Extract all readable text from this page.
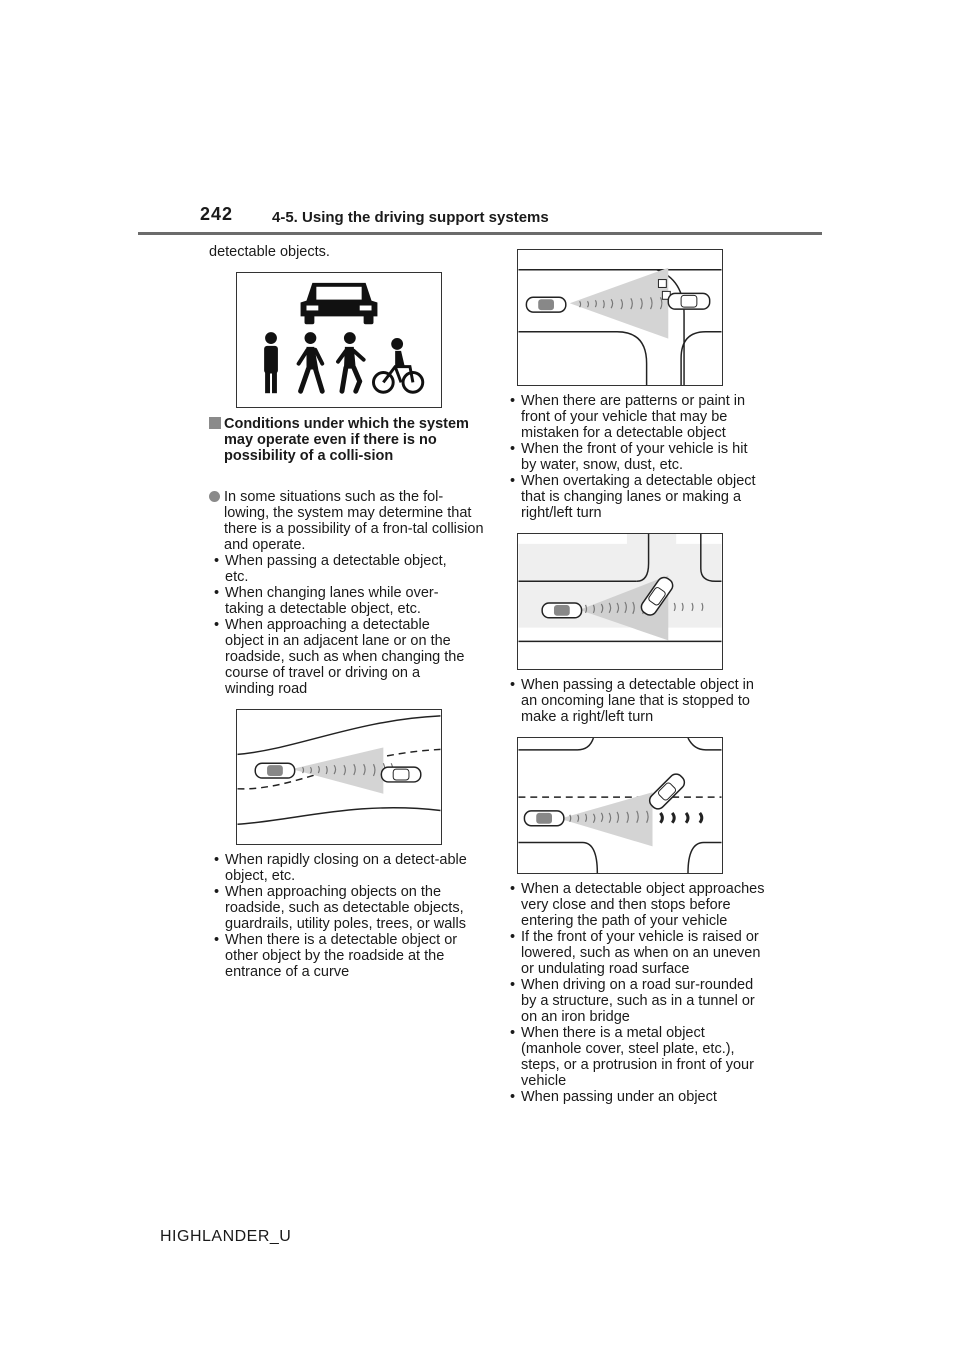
242	4-5. Using the driving support systems
detectable objects.
Conditions under which the system may operate even if there is no possibility of a colli-sion
In some situations such as the fol-lowing, the system may determine that there is a possibility of a fron-tal collision and operate.
• When passing a detectable object, etc.
• When changing lanes while over-taking a detectable object, etc.
• When approaching a detectable object in an adjacent lane or on the roadside, such as when changing the course of travel or driving on a winding road
• When rapidly closing on a detect-able object, etc.
• When approaching objects on the roadside, such as detectable objects, guardrails, utility poles, trees, or walls
• When there is a detectable object or other object by the roadside at the entrance of a curve
• When there are patterns or paint in front of your vehicle that may be mistaken for a detectable object
• When the front of your vehicle is hit by water, snow, dust, etc.
• When overtaking a detectable object that is changing lanes or making a right/left turn
• When passing a detectable object in an oncoming lane that is stopped to make a right/left turn
• When a detectable object approaches very close and then stops before entering the path of your vehicle
• If the front of your vehicle is raised or lowered, such as when on an uneven or undulating road surface
• When driving on a road sur-rounded by a structure, such as in a tunnel or on an iron bridge
• When there is a metal object (manhole cover, steel plate, etc.), steps, or a protrusion in front of your vehicle
• When passing under an object
HIGHLANDER_U
